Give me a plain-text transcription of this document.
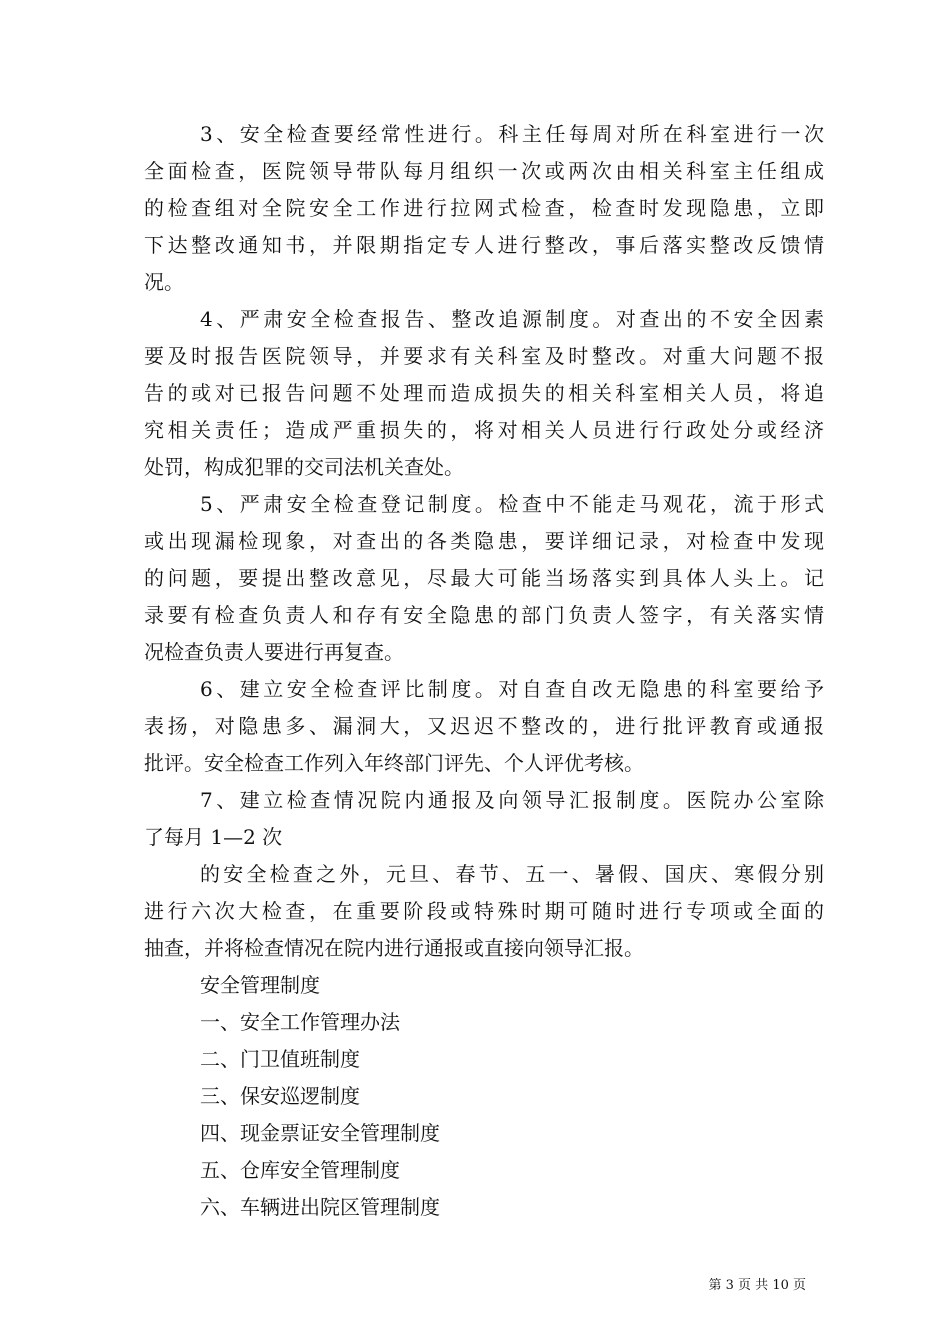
3、安全检查要经常性进行。科主任每周对所在科室进行一次
全面检查，医院领导带队每月组织一次或两次由相关科室主任组成
的检查组对全院安全工作进行拉网式检查，检查时发现隐患，立即
下达整改通知书，并限期指定专人进行整改，事后落实整改反馈情
况。
4、严肃安全检查报告、整改追源制度。对查出的不安全因素
要及时报告医院领导，并要求有关科室及时整改。对重大问题不报
告的或对已报告问题不处理而造成损失的相关科室相关人员，将追
究相关责任；造成严重损失的，将对相关人员进行行政处分或经济
处罚，构成犯罪的交司法机关查处。
5、严肃安全检查登记制度。检查中不能走马观花，流于形式
或出现漏检现象，对查出的各类隐患，要详细记录，对检查中发现
的问题，要提出整改意见，尽最大可能当场落实到具体人头上。记
录要有检查负责人和存有安全隐患的部门负责人签字，有关落实情
况检查负责人要进行再复查。
6、建立安全检查评比制度。对自查自改无隐患的科室要给予
表扬，对隐患多、漏洞大，又迟迟不整改的，进行批评教育或通报
批评。安全检查工作列入年终部门评先、个人评优考核。
7、建立检查情况院内通报及向领导汇报制度。医院办公室除
了每月 1—2 次
的安全检查之外，元旦、春节、五一、暑假、国庆、寒假分别
进行六次大检查，在重要阶段或特殊时期可随时进行专项或全面的
抽查，并将检查情况在院内进行通报或直接向领导汇报。
安全管理制度
一、安全工作管理办法
二、门卫值班制度
三、保安巡逻制度
四、现金票证安全管理制度
五、仓库安全管理制度
六、车辆进出院区管理制度
第 3 页 共 10 页
